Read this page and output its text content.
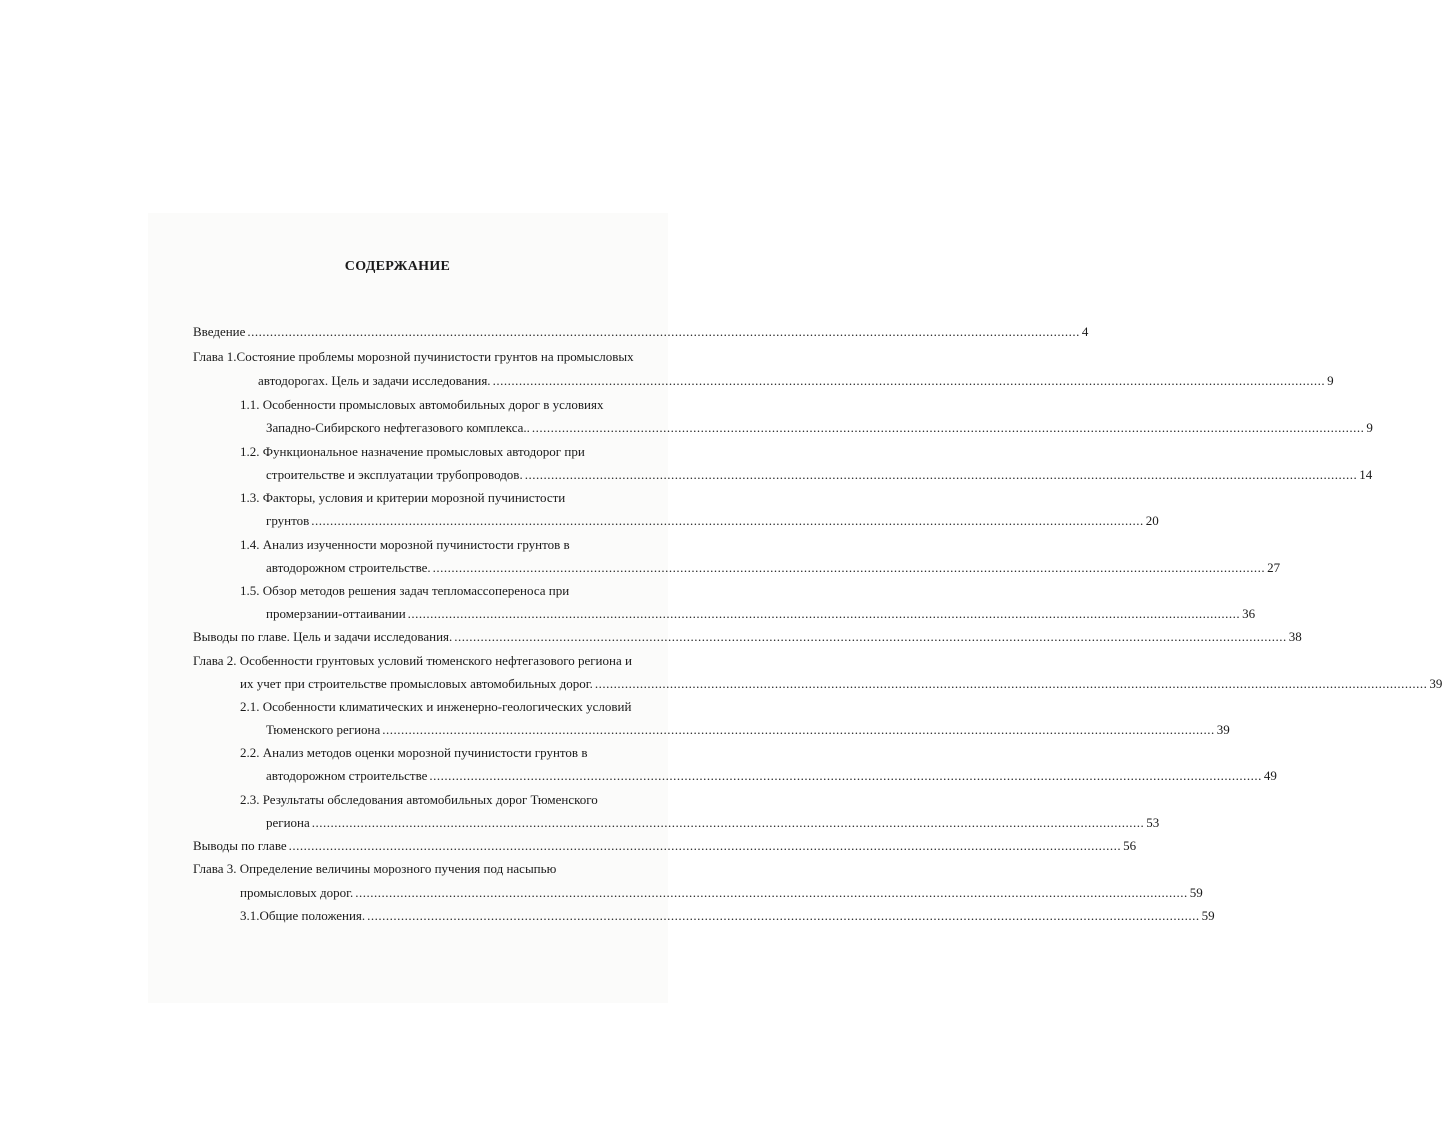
СОДЕРЖАНИЕ
Введение .............................................................................................................................................................................................................................. 4
Глава 1.Состояние проблемы морозной пучинистости грунтов на промысловых
автодорогах. Цель и задачи исследования. .............................................................................................................................................................................................................................. 9
1.1. Особенности промысловых автомобильных дорог в условиях
Западно-Сибирского нефтегазового комплекса.. .............................................................................................................................................................................................................................. 9
1.2. Функциональное назначение промысловых автодорог при
строительстве и эксплуатации трубопроводов. .............................................................................................................................................................................................................................. 14
1.3. Факторы, условия и критерии морозной пучинистости
грунтов .............................................................................................................................................................................................................................. 20
1.4. Анализ изученности морозной пучинистости грунтов в
автодорожном строительстве. .............................................................................................................................................................................................................................. 27
1.5. Обзор методов решения задач тепломассопереноса при
промерзании-оттаивании .............................................................................................................................................................................................................................. 36
Выводы по главе. Цель и задачи исследования. .............................................................................................................................................................................................................................. 38
Глава 2. Особенности грунтовых условий тюменского нефтегазового региона и
их учет при строительстве промысловых автомобильных дорог. .............................................................................................................................................................................................................................. 39
2.1. Особенности климатических и инженерно-геологических условий
Тюменского региона .............................................................................................................................................................................................................................. 39
2.2. Анализ методов оценки морозной пучинистости грунтов в
автодорожном строительстве .............................................................................................................................................................................................................................. 49
2.3. Результаты обследования автомобильных дорог Тюменского
региона .............................................................................................................................................................................................................................. 53
Выводы по главе .............................................................................................................................................................................................................................. 56
Глава 3. Определение величины морозного пучения под насыпью
промысловых дорог. .............................................................................................................................................................................................................................. 59
3.1.Общие положения. .............................................................................................................................................................................................................................. 59
